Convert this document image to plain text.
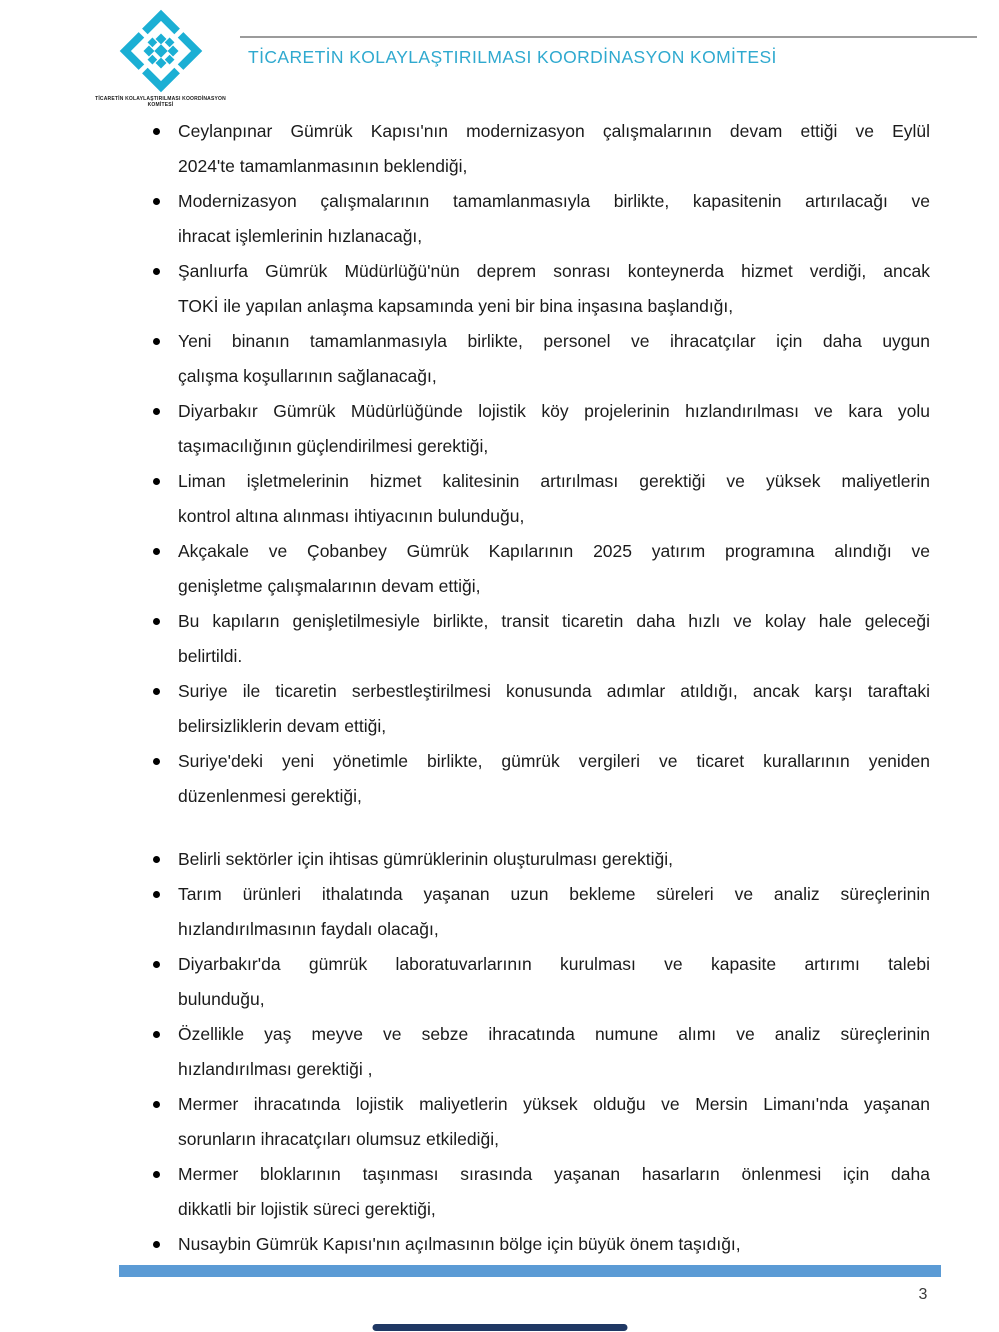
TİCARETİN KOLAYLAŞTIRILMASI KOORDİNASYON
KOMİTESİ
TİCARETİN KOLAYLAŞTIRILMASI KOORDİNASYON KOMİTESİ
Ceylanpınar Gümrük Kapısı'nın modernizasyon çalışmalarının devam ettiği ve Eylül
2024'te tamamlanmasının beklendiği,
Modernizasyon çalışmalarının tamamlanmasıyla birlikte, kapasitenin artırılacağı ve
ihracat işlemlerinin hızlanacağı,
Şanlıurfa Gümrük Müdürlüğü'nün deprem sonrası konteynerda hizmet verdiği, ancak
TOKİ ile yapılan anlaşma kapsamında yeni bir bina inşasına başlandığı,
Yeni binanın tamamlanmasıyla birlikte, personel ve ihracatçılar için daha uygun
çalışma koşullarının sağlanacağı,
Diyarbakır Gümrük Müdürlüğünde lojistik köy projelerinin hızlandırılması ve kara yolu
taşımacılığının güçlendirilmesi gerektiği,
Liman işletmelerinin hizmet kalitesinin artırılması gerektiği ve yüksek maliyetlerin
kontrol altına alınması ihtiyacının bulunduğu,
Akçakale ve Çobanbey Gümrük Kapılarının 2025 yatırım programına alındığı ve
genişletme çalışmalarının devam ettiği,
Bu kapıların genişletilmesiyle birlikte, transit ticaretin daha hızlı ve kolay hale geleceği
belirtildi.
Suriye ile ticaretin serbestleştirilmesi konusunda adımlar atıldığı, ancak karşı taraftaki
belirsizliklerin devam ettiği,
Suriye'deki yeni yönetimle birlikte, gümrük vergileri ve ticaret kurallarının yeniden
düzenlenmesi gerektiği,
Belirli sektörler için ihtisas gümrüklerinin oluşturulması gerektiği,
Tarım ürünleri ithalatında yaşanan uzun bekleme süreleri ve analiz süreçlerinin
hızlandırılmasının faydalı olacağı,
Diyarbakır'da gümrük laboratuvarlarının kurulması ve kapasite artırımı talebi
bulunduğu,
Özellikle yaş meyve ve sebze ihracatında numune alımı ve analiz süreçlerinin
hızlandırılması gerektiği ,
Mermer ihracatında lojistik maliyetlerin yüksek olduğu ve Mersin Limanı'nda yaşanan
sorunların ihracatçıları olumsuz etkilediği,
Mermer bloklarının taşınması sırasında yaşanan hasarların önlenmesi için daha
dikkatli bir lojistik süreci gerektiği,
Nusaybin Gümrük Kapısı'nın açılmasının bölge için büyük önem taşıdığı,
3
